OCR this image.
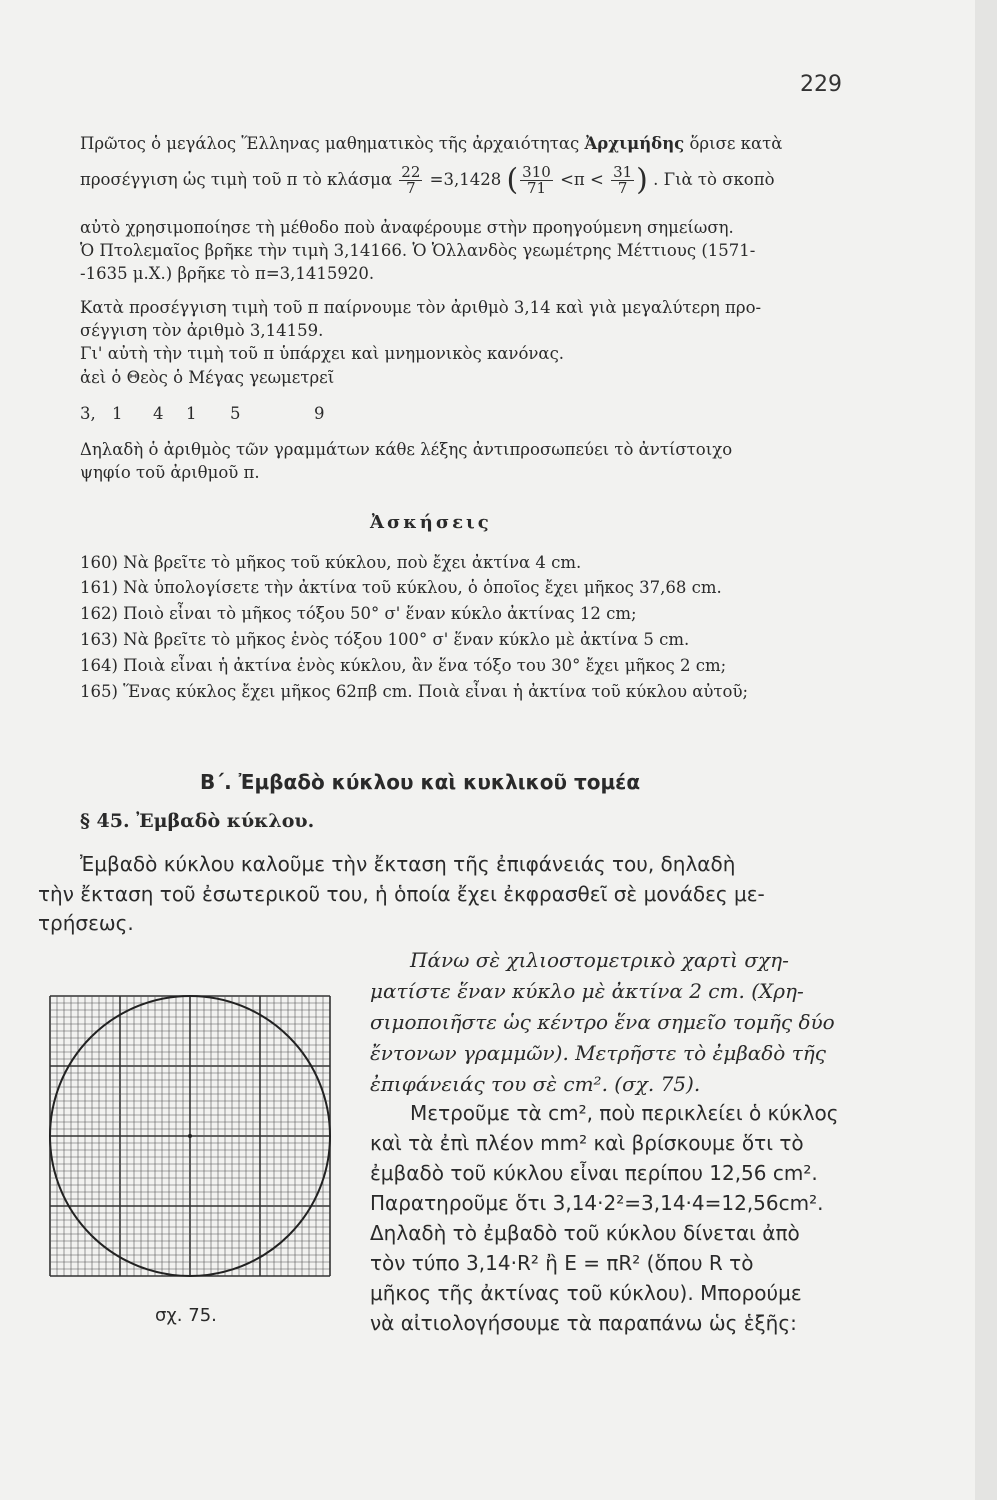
229
Πρῶτος ὁ μεγάλος Ἕλληνας μαθηματικὸς τῆς ἀρχαιότητας Ἀρχιμήδης ὅρισε κατὰ
προσέγγιση ὡς τιμὴ τοῦ π τὸ κλάσμα $\frac{22}{7} =3,1428$ ( $\frac{310}{71} <\pi < \frac{31}{7}$ ) . Γιὰ τὸ σκοπὸ
αὐτὸ χρησιμοποίησε τὴ μέθοδο ποὺ ἀναφέρουμε στὴν προηγούμενη σημείωση.
Ὁ Πτολεμαῖος βρῆκε τὴν τιμὴ 3,14166. Ὁ Ὁλλανδὸς γεωμέτρης Μέττιους (1571-
-1635 μ.Χ.) βρῆκε τὸ π=3,1415920.
Κατὰ προσέγγιση τιμὴ τοῦ π παίρνουμε τὸν ἀριθμὸ 3,14 καὶ γιὰ μεγαλύτερη προ-
σέγγιση τὸν ἀριθμὸ 3,14159.
Γι' αὐτὴ τὴν τιμὴ τοῦ π ὑπάρχει καὶ μνημονικὸς κανόνας.
ἀεὶ ὁ Θεὸς ὁ Μέγας γεωμετρεῖ
3, 1 4 1 5	9
Δηλαδὴ ὁ ἀριθμὸς τῶν γραμμάτων κάθε λέξης ἀντιπροσωπεύει τὸ ἀντίστοιχο
ψηφίο τοῦ ἀριθμοῦ π.
Ἀσκήσεις
160) Νὰ βρεῖτε τὸ μῆκος τοῦ κύκλου, ποὺ ἔχει ἀκτίνα 4 cm.
161) Νὰ ὑπολογίσετε τὴν ἀκτίνα τοῦ κύκλου, ὁ ὁποῖος ἔχει μῆκος 37,68 cm.
162) Ποιὸ εἶναι τὸ μῆκος τόξου 50° σ' ἕναν κύκλο ἀκτίνας 12 cm;
163) Νὰ βρεῖτε τὸ μῆκος ἑνὸς τόξου 100° σ' ἕναν κύκλο μὲ ἀκτίνα 5 cm.
164) Ποιὰ εἶναι ἡ ἀκτίνα ἑνὸς κύκλου, ἂν ἕνα τόξο του 30° ἔχει μῆκος 2 cm;
165) Ἕνας κύκλος ἔχει μῆκος 62πβ cm. Ποιὰ εἶναι ἡ ἀκτίνα τοῦ κύκλου αὐτοῦ;
Β΄. Ἐμβαδὸ κύκλου καὶ κυκλικοῦ τομέα
§ 45. Ἐμβαδὸ κύκλου.
Ἐμβαδὸ κύκλου καλοῦμε τὴν ἔκταση τῆς ἐπιφάνειάς του, δηλαδὴ
τὴν ἔκταση τοῦ ἐσωτερικοῦ του, ἡ ὁποία ἔχει ἐκφρασθεῖ σὲ μονάδες με-
τρήσεως.
Πάνω σὲ χιλιοστομετρικὸ χαρτὶ σχη-
ματίστε ἕναν κύκλο μὲ ἀκτίνα 2 cm. (Χρη-
σιμοποιῆστε ὡς κέντρο ἕνα σημεῖο τομῆς δύο
ἔντονων γραμμῶν). Μετρῆστε τὸ ἐμβαδὸ τῆς
ἐπιφάνειάς του σὲ cm². (σχ. 75).
Μετροῦμε τὰ cm², ποὺ περικλείει ὁ κύκλος
καὶ τὰ ἐπὶ πλέον mm² καὶ βρίσκουμε ὅτι τὸ
ἐμβαδὸ τοῦ κύκλου εἶναι περίπου 12,56 cm².
Παρατηροῦμε ὅτι 3,14·2²=3,14·4=12,56cm².
Δηλαδὴ τὸ ἐμβαδὸ τοῦ κύκλου δίνεται ἀπὸ
τὸν τύπο 3,14·R² ἢ Ε = πR² (ὅπου R τὸ
μῆκος τῆς ἀκτίνας τοῦ κύκλου). Μπορούμε
νὰ αἰτιολογήσουμε τὰ παραπάνω ὡς ἑξῆς:
σχ. 75.
